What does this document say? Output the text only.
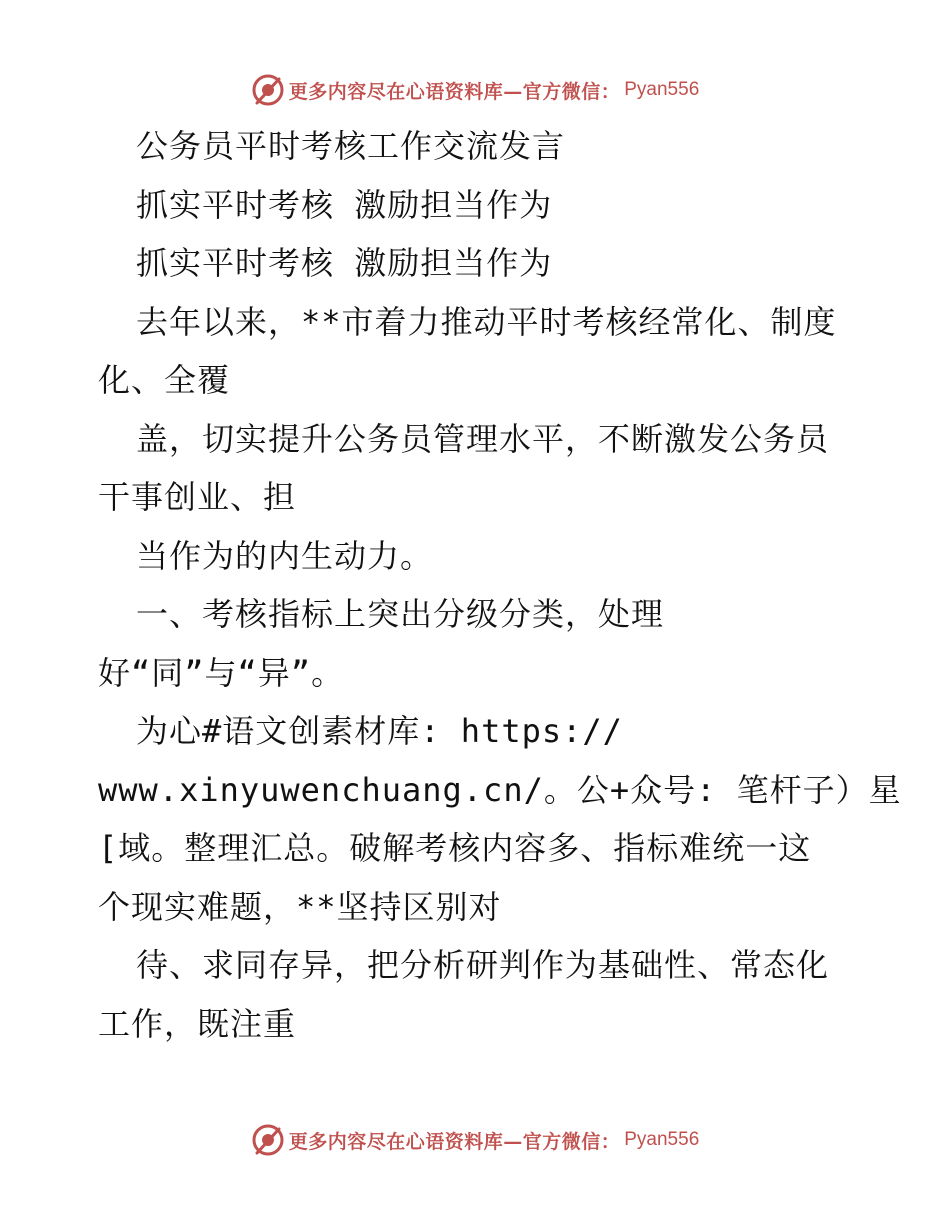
更多内容尽在心语资料库—官方微信： Pyan556
公务员平时考核工作交流发言
抓实平时考核 激励担当作为
抓实平时考核 激励担当作为
去年以来，**市着力推动平时考核经常化、制度
化、全覆
盖，切实提升公务员管理水平，不断激发公务员
干事创业、担
当作为的内生动力。
一、考核指标上突出分级分类，处理
好“同”与“异”。
为心#语文创素材库: https://
www.xinyuwenchuang.cn/。公+众号: 笔杆子）星
[域。整理汇总。破解考核内容多、指标难统一这
个现实难题，**坚持区别对
待、求同存异，把分析研判作为基础性、常态化
工作，既注重
更多内容尽在心语资料库—官方微信： Pyan556
